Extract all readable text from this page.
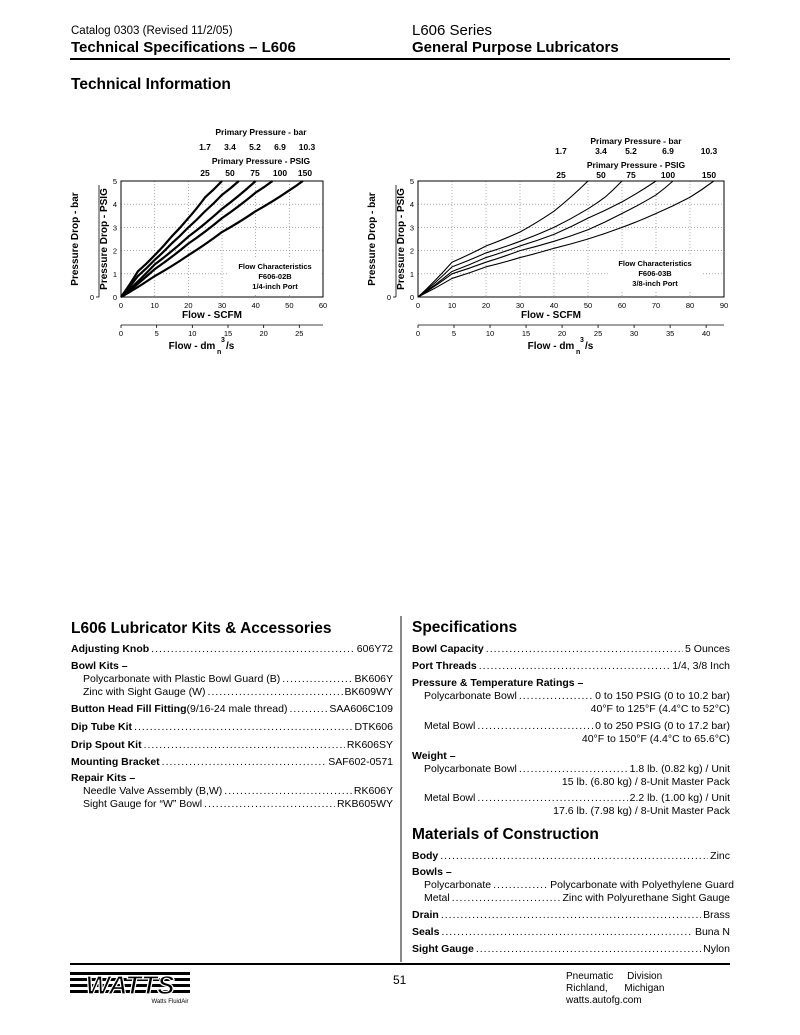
Catalog 0303 (Revised 11/2/05)
Technical Specifications – L606
L606 Series
General Purpose Lubricators
Technical Information
0	10	20	30	40	50	60
Flow - SCFM
0	5	10	15	20	25
Flow - dm
n
3
/s
0
1
2
3
4
5
0
Pressure Drop - bar Pressure Drop - PSIG
Primary Pressure - bar
1.7 3.4 5.2 6.9 10.3
Primary Pressure - PSIG
25 50 75 100 150
Flow Characteristics
F606-02B
1/4-inch Port
0	10	20	30	40	50	60	70	80	90
Flow - SCFM
0	5	10	15	20	25	30	35	40
Flow - dm
n
3
/s
0
1
2
3
4
5
0
Pressure Drop - bar Pressure Drop - PSIG
Primary Pressure - bar
1.7	3.4 5.2	6.9	10.3
Primary Pressure - PSIG
25	50 75	100	150
Flow Characteristics
F606-03B
3/8-inch Port
L606 Lubricator Kits & Accessories
Adjusting Knob .....	606Y72
Bowl Kits –
Polycarbonate with Plastic Bowl Guard (B) .....	BK606Y
Zinc with Sight Gauge (W) .....	BK609WY
Button Head Fill Fitting (9/16-24 male thread) .....	SAA606C109
Dip Tube Kit .....	DTK606
Drip Spout Kit .....	RK606SY
Mounting Bracket .....	SAF602-0571
Repair Kits –
Needle Valve Assembly (B,W) .....	RK606Y
Sight Gauge for “W” Bowl .....	RKB605WY
Specifications
Bowl Capacity .....	5 Ounces
Port Threads .....	1/4, 3/8 Inch
Pressure & Temperature Ratings –
Polycarbonate Bowl .....	0 to 150 PSIG (0 to 10.2 bar)
40°F to 125°F (4.4°C to 52°C)
Metal Bowl .....	0 to 250 PSIG (0 to 17.2 bar)
40°F to 150°F (4.4°C to 65.6°C)
Weight –
Polycarbonate Bowl .....	1.8 lb. (0.82 kg) / Unit
15 lb. (6.80 kg) / 8-Unit Master Pack
Metal Bowl .....	2.2 lb. (1.00 kg) / Unit
17.6 lb. (7.98 kg) / 8-Unit Master Pack
Materials of Construction
Body .....	Zinc
Bowls –
Polycarbonate .....	Polycarbonate with Polyethylene Guard
Metal .....	Zinc with Polyurethane Sight Gauge
Drain .....	Brass
Seals .....	Buna N
Sight Gauge .....	Nylon
WATTS
Watts FluidAir
51	Pneumatic Division
Richland, Michigan
watts.autofg.com
